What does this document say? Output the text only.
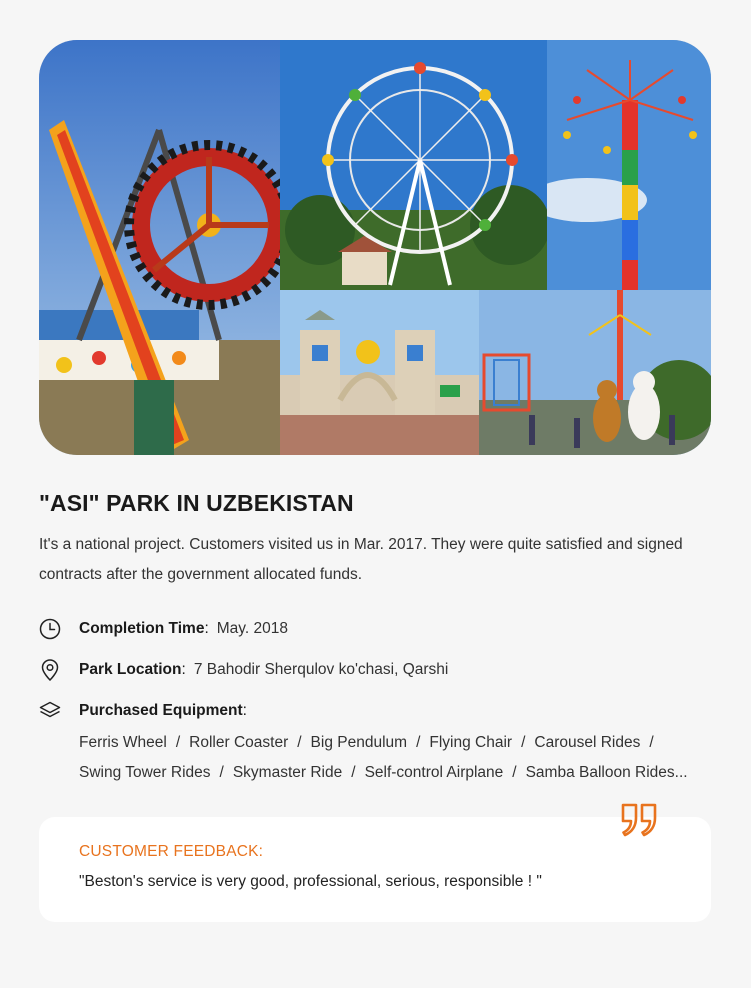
"ASI" PARK IN UZBEKISTAN
It's a national project. Customers visited us in Mar. 2017. They were quite satisfied and signed contracts after the government allocated funds.
Completion Time : May. 2018
Park Location : 7 Bahodir Sherqulov ko'chasi, Qarshi
Purchased Equipment :
Ferris Wheel / Roller Coaster / Big Pendulum / Flying Chair / Carousel Rides /
Swing Tower Rides / Skymaster Ride / Self-control Airplane / Samba Balloon Rides...
CUSTOMER FEEDBACK:
"Beston's service is very good, professional, serious, responsible ! "
